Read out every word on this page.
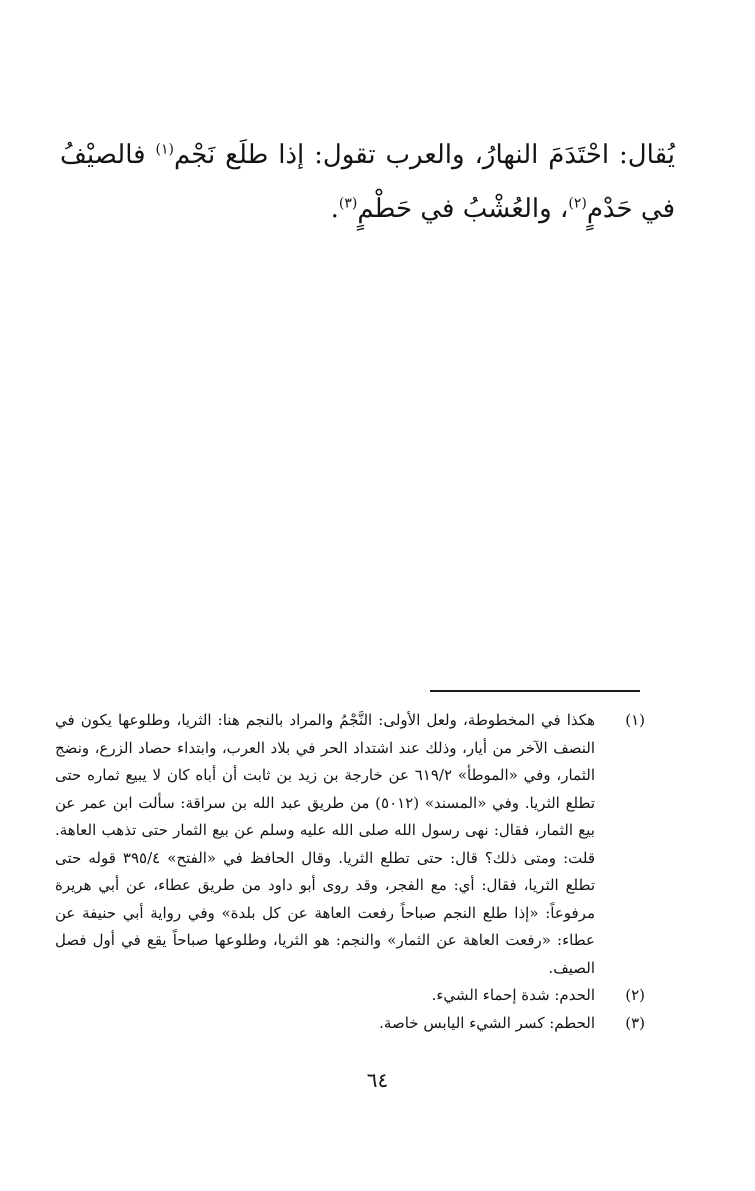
يُقال: احْتَدَمَ النهارُ، والعرب تقول: إذا طلَع نَجْم$^{(١)}$ فالصيْفُ في حَدْمٍ$^{(٢)}$، والعُشْبُ في حَطْمٍ$^{(٣)}$.

(١)
هكذا في المخطوطة، ولعل الأولى: النَّجْمُ والمراد بالنجم هنا: الثريا، وطلوعها يكون في النصف الآخر من أيار، وذلك عند اشتداد الحر في بلاد العرب، وابتداء حصاد الزرع، ونضج الثمار، وفي «الموطأ» ٦١٩/٢ عن خارجة بن زيد بن ثابت أن أباه كان لا يبيع ثماره حتى تطلع الثريا. وفي «المسند» (٥٠١٢) من طريق عبد الله بن سراقة: سألت ابن عمر عن بيع الثمار، فقال: نهى رسول الله صلى الله عليه وسلم عن بيع الثمار حتى تذهب العاهة. قلت: ومتى ذلك؟ قال: حتى تطلع الثريا. وقال الحافظ في «الفتح» ٣٩٥/٤ قوله حتى تطلع الثريا، فقال: أي: مع الفجر، وقد روى أبو داود من طريق عطاء، عن أبي هريرة مرفوعاً: «إذا طلع النجم صباحاً رفعت العاهة عن كل بلدة» وفي رواية أبي حنيفة عن عطاء: «رفعت العاهة عن الثمار» والنجم: هو الثريا، وطلوعها صباحاً يقع في أول فصل الصيف.
(٢)
الحدم: شدة إحماء الشيء.
(٣)
الحطم: كسر الشيء اليابس خاصة.
٦٤
